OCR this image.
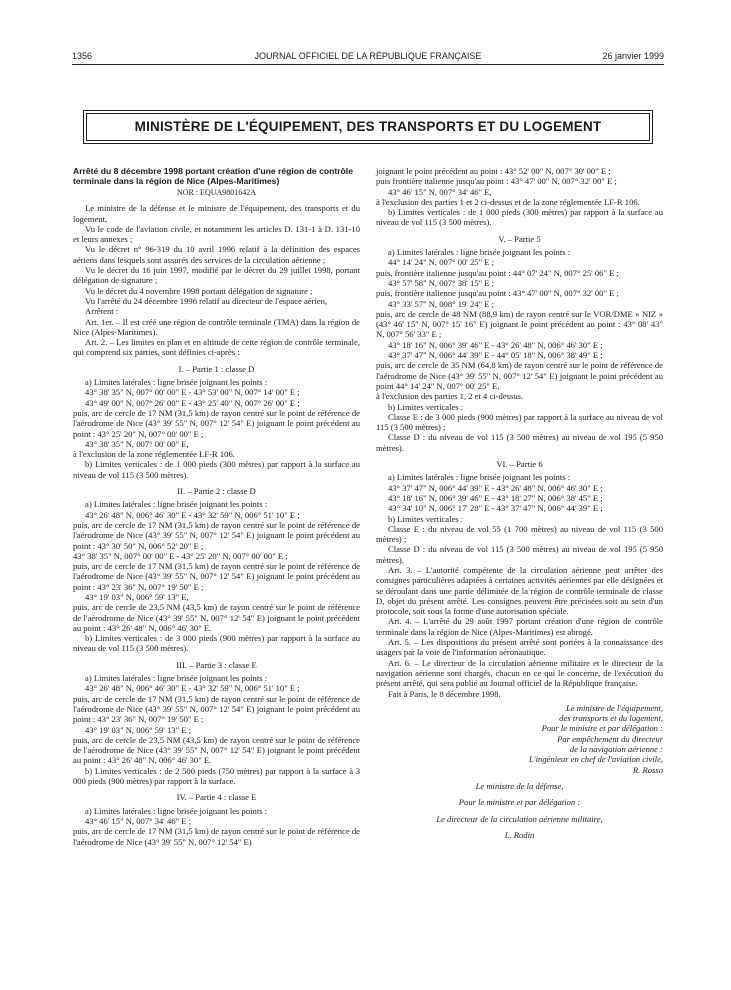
1356	JOURNAL OFFICIEL DE LA RÉPUBLIQUE FRANÇAISE	26 janvier 1999
MINISTÈRE DE L'ÉQUIPEMENT, DES TRANSPORTS ET DU LOGEMENT

Arrêté du 8 décembre 1998 portant création d'une région de contrôle terminale dans la région de Nice (Alpes-Maritimes)

NOR : EQUA9801642A

Le ministre de la défense et le ministre de l'équipement, des transports et du logement,

Vu le code de l'aviation civile, et notamment les articles D. 131-1 à D. 131-10 et leurs annexes ;

Vu le décret n° 96-319 du 10 avril 1996 relatif à la définition des espaces aériens dans lesquels sont assurés des services de la circulation aérienne ;

Vu le décret du 16 juin 1997, modifié par le décret du 29 juillet 1998, portant délégation de signature ;

Vu le décret du 4 novembre 1998 portant délégation de signature ;

Vu l'arrêté du 24 décembre 1996 relatif au directeur de l'espace aérien,

Arrêtent :

Art. 1er. – Il est créé une région de contrôle terminale (TMA) dans la région de Nice (Alpes-Maritimes).

Art. 2. – Les limites en plan et en altitude de cette région de contrôle terminale, qui comprend six parties, sont définies ci-après :

I. – Partie 1 : classe D

a) Limites latérales : ligne brisée joignant les points :

43° 38' 35" N, 007° 00' 00" E - 43° 53' 00" N, 007° 14' 00" E ;

43° 49' 00" N, 007° 26' 00" E - 43° 25' 40" N, 007° 26' 00" E ;

puis, arc de cercle de 17 NM (31,5 km) de rayon centré sur le point de référence de l'aérodrome de Nice (43° 39' 55" N, 007° 12' 54" E) joignant le point précédent au point : 43° 25' 20" N, 007° 00' 00" E ;

43° 38' 35" N, 007° 00' 00" E,

à l'exclusion de la zone réglementée LF-R 106.

b) Limites verticales : de 1 000 pieds (300 mètres) par rapport à la surface au niveau de vol 115 (3 500 mètres).

II. – Partie 2 : classe D

a) Limites latérales : ligne brisée joignant les points :

43° 26' 48" N, 006° 46' 30" E - 43° 32' 59" N, 006° 51' 10" E ;

puis, arc de cercle de 17 NM (31,5 km) de rayon centré sur le point de référence de l'aérodrome de Nice (43° 39' 55" N, 007° 12' 54" E) joignant le point précédent au point : 43° 30' 50" N, 006° 52' 20" E ;

43° 38' 35" N, 007° 00' 00" E - 43° 25' 20" N, 007° 00' 00" E ;

puis, arc de cercle de 17 NM (31,5 km) de rayon centré sur le point de référence de l'aérodrome de Nice (43° 39' 55" N, 007° 12' 54" E) joignant le point précédent au point : 43° 23' 36" N, 007° 19' 50" E ;

43° 19' 03" N, 006° 59' 13" E,

puis, arc de cercle de 23,5 NM (43,5 km) de rayon centré sur le point de référence de l'aérodrome de Nice (43° 39' 55" N, 007° 12' 54" E) joignant le point précédent au point : 43° 26' 48" N, 006° 46' 30" E.

b) Limites verticales : de 3 000 pieds (900 mètres) par rapport à la surface au niveau de vol 115 (3 500 mètres).

III. – Partie 3 : classe E

a) Limites latérales : ligne brisée joignant les points :

43° 26' 48" N, 006° 46' 30" E - 43° 32' 59" N, 006° 51' 10" E ;

puis, arc de cercle de 17 NM (31,5 km) de rayon centré sur le point de référence de l'aérodrome de Nice (43° 39' 55" N, 007° 12' 54" E) joignant le point précédent au point : 43° 23' 36" N, 007° 19' 50" E ;

43° 19' 03" N, 006° 59' 13" E ;

puis, arc de cercle de 23,5 NM (43,5 km) de rayon centré sur le point de référence de l'aérodrome de Nice (43° 39' 55" N, 007° 12' 54" E) joignant le point précédent au point : 43° 26' 48" N, 006° 46' 30" E.

b) Limites verticales : de 2 500 pieds (750 mètres) par rapport à la surface à 3 000 pieds (900 mètres) par rapport à la surface.

IV. – Partie 4 : classe E

a) Limites latérales : ligne brisée joignant les points :

43° 46' 15" N, 007° 34' 46" E ;

puis, arc de cercle de 17 NM (31,5 km) de rayon centré sur le point de référence de l'aérodrome de Nice (43° 39' 55" N, 007° 12' 54" E)

joignant le point précédent au point : 43° 52' 00" N, 007° 30' 00" E ;

puis frontière italienne jusqu'au point : 43° 47' 00" N, 007° 32' 00" E ;

43° 46' 15" N, 007° 34' 46" E,

à l'exclusion des parties 1 et 2 ci-dessus et de la zone réglementée LF-R 106.

b) Limites verticales : de 1 000 pieds (300 mètres) par rapport à la surface au niveau de vol 115 (3 500 mètres).

V. – Partie 5

a) Limites latérales : ligne brisée joignant les points :

44° 14' 24" N, 007° 00' 25" E ;

puis, frontière italienne jusqu'au point : 44° 07' 24" N, 007° 25' 06" E ;

43° 57' 58" N, 007° 38' 15" E ;

puis, frontière italienne jusqu'au point : 43° 47' 00" N, 007° 32' 00" E ;

43° 33' 57" N, 008° 19' 24" E ;

puis, arc de cercle de 48 NM (88,9 km) de rayon centré sur le VOR/DME « NIZ » (43° 46' 15" N, 007° 15' 16" E) joignant le point précédent au point : 43° 08' 43" N, 007° 56' 33" E ;

43° 18' 16" N, 006° 39' 46" E - 43° 26' 48" N, 006° 46' 30" E ;

43° 37' 47" N, 006° 44' 39" E - 44° 05' 18" N, 006° 38' 49" E ;

puis, arc de cercle de 35 NM (64,8 km) de rayon centré sur le point de référence de l'aérodrome de Nice (43° 39' 55" N, 007° 12' 54" E) joignant le point précédent au point 44° 14' 24" N, 007° 00' 25" E,

à l'exclusion des parties 1, 2 et 4 ci-dessus.

b) Limites verticales :

Classe E : de 3 000 pieds (900 mètres) par rapport à la surface au niveau de vol 115 (3 500 mètres) ;

Classe D : du niveau de vol 115 (3 500 mètres) au niveau de vol 195 (5 950 mètres).

VI. – Partie 6

a) Limites latérales : ligne brisée joignant les points :

43° 37' 47" N, 006° 44' 39" E - 43° 26' 48" N, 006° 46' 30" E ;

43° 18' 16" N, 006° 39' 46" E - 43° 18' 27" N, 006° 38' 45" E ;

43° 34' 10" N, 006° 17' 28" E - 43° 37' 47" N, 006° 44' 39" E ;

b) Limites verticales :

Classe E : du niveau de vol 55 (1 700 mètres) au niveau de vol 115 (3 500 mètres) ;

Classe D : du niveau de vol 115 (3 500 mètres) au niveau de vol 195 (5 950 mètres).

Art. 3. – L'autorité compétente de la circulation aérienne peut arrêter des consignes particulières adaptées à certaines activités aériennes par elle désignées et se déroulant dans une partie délimitée de la région de contrôle terminale de classe D, objet du présent arrêté. Les consignes peuvent être précisées soit au sein d'un protocole, soit sous la forme d'une autorisation spéciale.

Art. 4. – L'arrêté du 29 août 1997 portant création d'une région de contrôle terminale dans la région de Nice (Alpes-Maritimes) est abrogé.

Art. 5. – Les dispositions du présent arrêté sont portées à la connaissance des usagers par la voie de l'information aéronautique.

Art. 6. – Le directeur de la circulation aérienne militaire et le directeur de la navigation aérienne sont chargés, chacun en ce qui le concerne, de l'exécution du présent arrêté, qui sera publié au Journal officiel de la République française.

Fait à Paris, le 8 décembre 1998.

Le ministre de l'équipement,

des transports et du logement,

Pour le ministre et par délégation :

Par empêchement du directeur

de la navigation aérienne :

L'ingénieur en chef de l'aviation civile,

R. Rosso

Le ministre de la défense,

Pour le ministre et par délégation :

Le directeur de la circulation aérienne militaire,

L. Rodin
